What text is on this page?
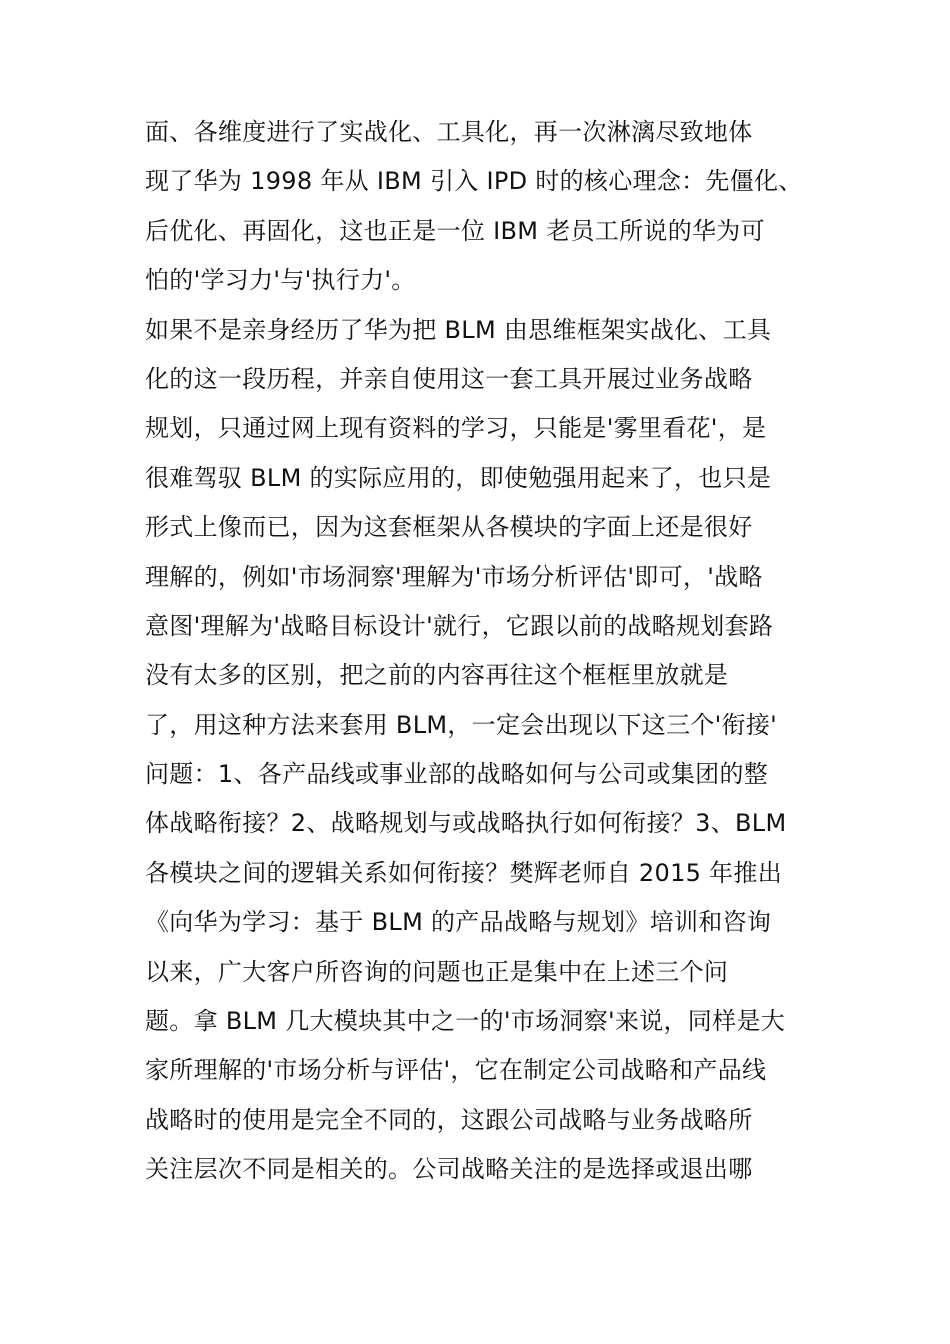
面、各维度进行了实战化、工具化，再一次淋漓尽致地体
现了华为 1998 年从 IBM 引入 IPD 时的核心理念：先僵化、
后优化、再固化，这也正是一位 IBM 老员工所说的华为可
怕的'学习力'与'执行力'。
如果不是亲身经历了华为把 BLM 由思维框架实战化、工具
化的这一段历程，并亲自使用这一套工具开展过业务战略
规划，只通过网上现有资料的学习，只能是'雾里看花'，是
很难驾驭 BLM 的实际应用的，即使勉强用起来了，也只是
形式上像而已，因为这套框架从各模块的字面上还是很好
理解的，例如'市场洞察'理解为'市场分析评估'即可，'战略
意图'理解为'战略目标设计'就行，它跟以前的战略规划套路
没有太多的区别，把之前的内容再往这个框框里放就是
了，用这种方法来套用 BLM，一定会出现以下这三个'衔接'
问题：1、各产品线或事业部的战略如何与公司或集团的整
体战略衔接？2、战略规划与或战略执行如何衔接？3、BLM
各模块之间的逻辑关系如何衔接？樊辉老师自 2015 年推出
《向华为学习：基于 BLM 的产品战略与规划》培训和咨询
以来，广大客户所咨询的问题也正是集中在上述三个问
题。拿 BLM 几大模块其中之一的'市场洞察'来说，同样是大
家所理解的'市场分析与评估'，它在制定公司战略和产品线
战略时的使用是完全不同的，这跟公司战略与业务战略所
关注层次不同是相关的。公司战略关注的是选择或退出哪
